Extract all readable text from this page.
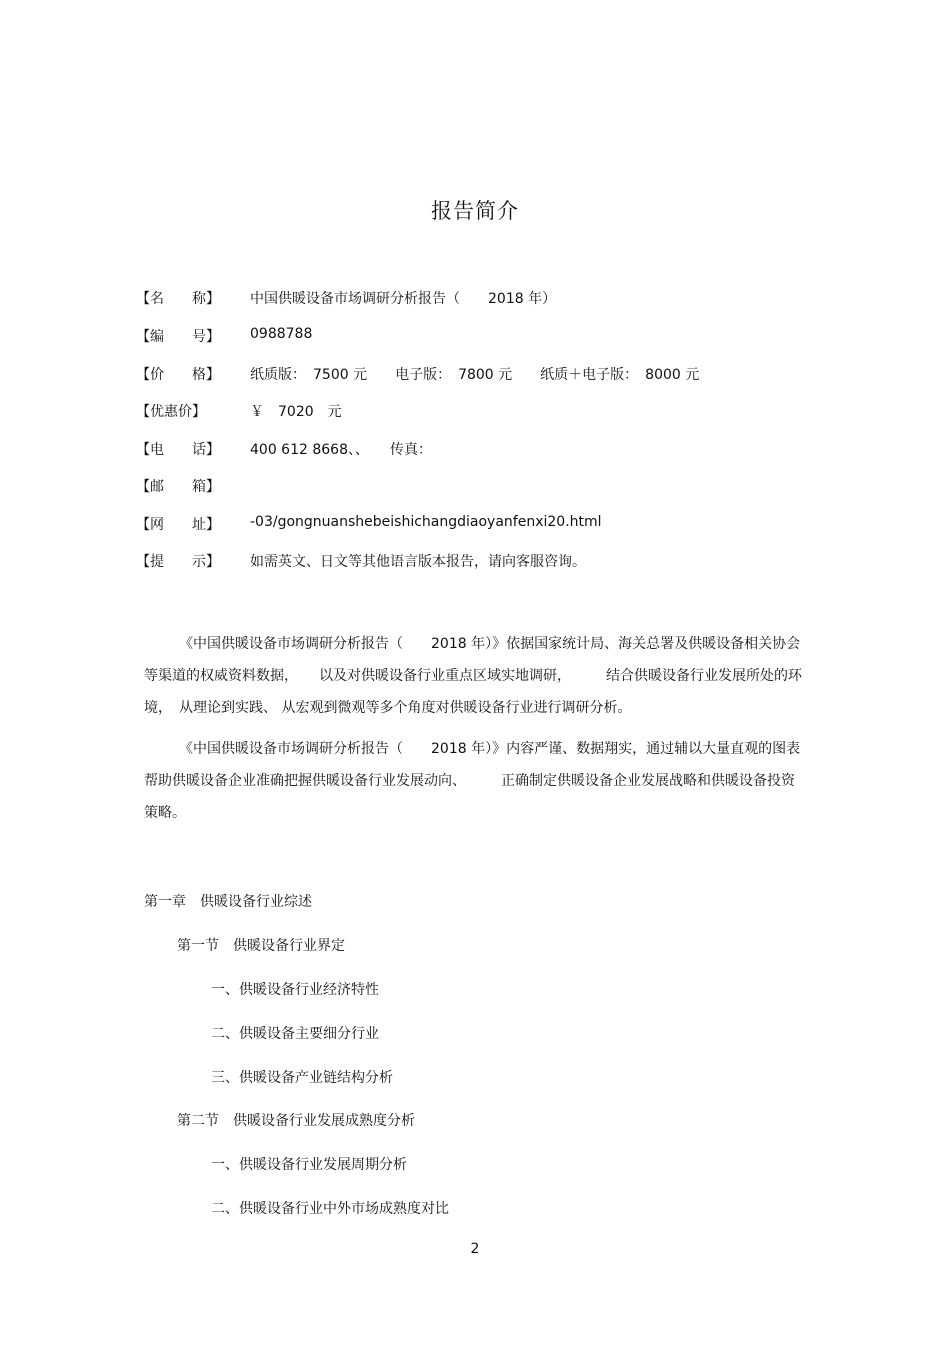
报告简介
【名　　称】 中国供暖设备市场调研分析报告（　　2018 年）
【编　　号】 0988788
【价　　格】 纸质版：　7500 元　　电子版：　7800 元　　纸质＋电子版：　8000 元
【优惠价】	￥　7020　元
【电　　话】 400 612 8668、、　　传真：
【邮　　箱】
【网　　址】 -03/gongnuanshebeishichangdiaoyanfenxi20.html
【提　　示】 如需英文、日文等其他语言版本报告，请向客服咨询。
　　　《中国供暖设备市场调研分析报告（　　2018 年）》依据国家统计局、海关总署及供暖设备相关协会等渠道的权威资料数据，　　以及对供暖设备行业重点区域实地调研，　　　结合供暖设备行业发展所处的环境，　从理论到实践、 从宏观到微观等多个角度对供暖设备行业进行调研分析。
　　　《中国供暖设备市场调研分析报告（　　2018 年）》内容严谨、数据翔实，通过辅以大量直观的图表帮助供暖设备企业准确把握供暖设备行业发展动向、　　　正确制定供暖设备企业发展战略和供暖设备投资策略。
第一章　供暖设备行业综述
第一节　供暖设备行业界定
一、供暖设备行业经济特性
二、供暖设备主要细分行业
三、供暖设备产业链结构分析
第二节　供暖设备行业发展成熟度分析
一、供暖设备行业发展周期分析
二、供暖设备行业中外市场成熟度对比
2
